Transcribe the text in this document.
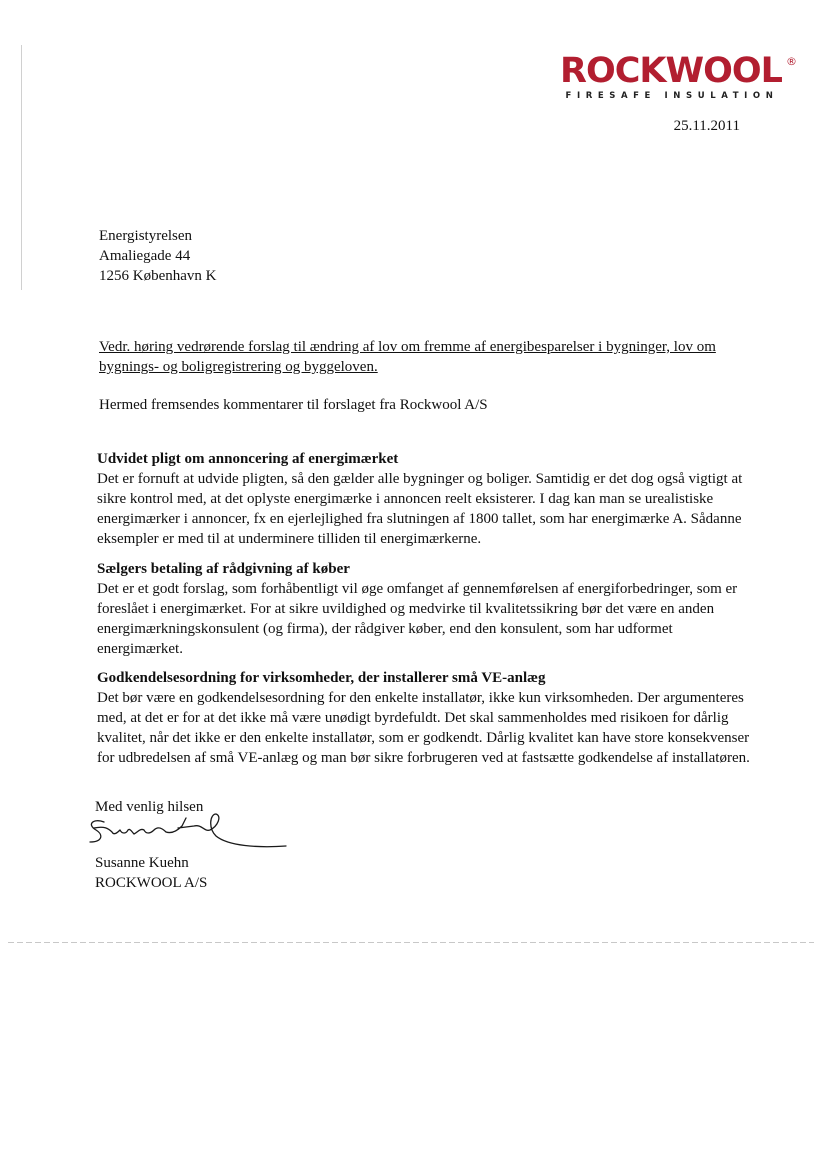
ROCKWOOL ®
FIRESAFE INSULATION
25.11.2011
Energistyrelsen
Amaliegade 44
1256 København K
Vedr. høring vedrørende forslag til ændring af lov om fremme af energibesparelser i bygninger, lov om bygnings- og boligregistrering og byggeloven.
Hermed fremsendes kommentarer til forslaget fra Rockwool A/S
Udvidet pligt om annoncering af energimærket

Det er fornuft at udvide pligten, så den gælder alle bygninger og boliger. Samtidig er det dog også vigtigt at sikre kontrol med, at det oplyste energimærke i annoncen reelt eksisterer. I dag kan man se urealistiske energimærker i annoncer, fx en ejerlejlighed fra slutningen af 1800 tallet, som har energimærke A. Sådanne eksempler er med til at underminere tilliden til energimærkerne.

Sælgers betaling af rådgivning af køber

Det er et godt forslag, som forhåbentligt vil øge omfanget af gennemførelsen af energiforbedringer, som er foreslået i energimærket. For at sikre uvildighed og medvirke til kvalitetssikring bør det være en anden energimærkningskonsulent (og firma), der rådgiver køber, end den konsulent, som har udformet energimærket.

Godkendelsesordning for virksomheder, der installerer små VE-anlæg

Det bør være en godkendelsesordning for den enkelte installatør, ikke kun virksomheden. Der argumenteres med, at det er for at det ikke må være unødigt byrdefuldt. Det skal sammenholdes med risikoen for dårlig kvalitet, når det ikke er den enkelte installatør, som er godkendt. Dårlig kvalitet kan have store konsekvenser for udbredelsen af små VE-anlæg og man bør sikre forbrugeren ved at fastsætte godkendelse af installatøren.

Med venlig hilsen
Susanne Kuehn
ROCKWOOL A/S
